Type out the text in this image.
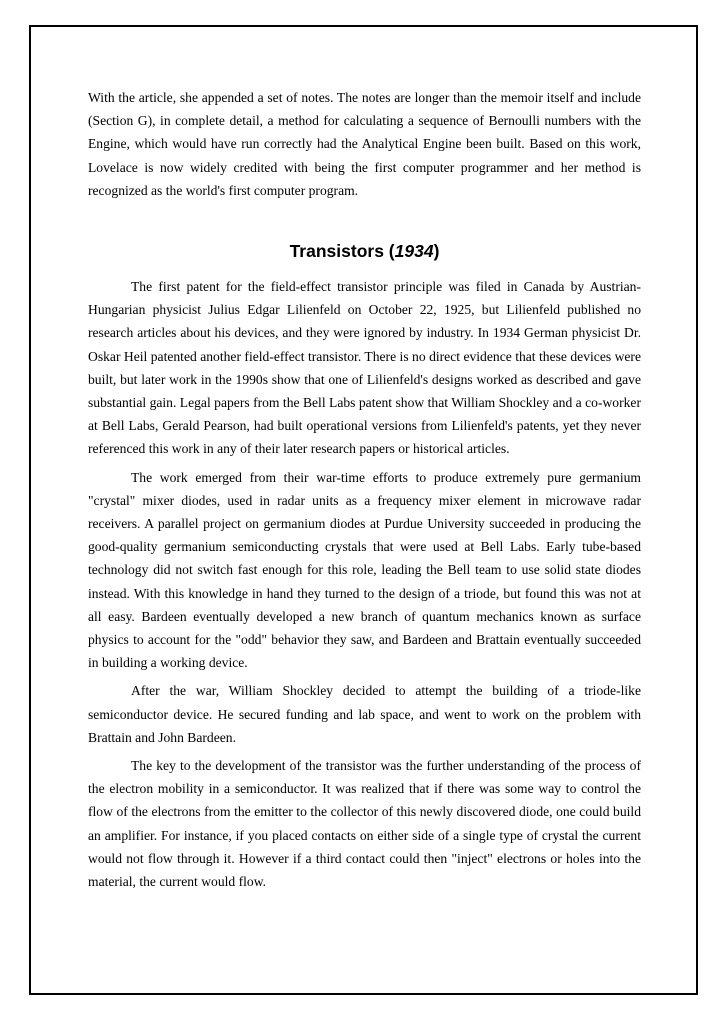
With the article, she appended a set of notes. The notes are longer than the memoir itself and include (Section G), in complete detail, a method for calculating a sequence of Bernoulli numbers with the Engine, which would have run correctly had the Analytical Engine been built. Based on this work, Lovelace is now widely credited with being the first computer programmer and her method is recognized as the world's first computer program.

Transistors (1934)

The first patent for the field-effect transistor principle was filed in Canada by Austrian-Hungarian physicist Julius Edgar Lilienfeld on October 22, 1925, but Lilienfeld published no research articles about his devices, and they were ignored by industry. In 1934 German physicist Dr. Oskar Heil patented another field-effect transistor. There is no direct evidence that these devices were built, but later work in the 1990s show that one of Lilienfeld's designs worked as described and gave substantial gain. Legal papers from the Bell Labs patent show that William Shockley and a co-worker at Bell Labs, Gerald Pearson, had built operational versions from Lilienfeld's patents, yet they never referenced this work in any of their later research papers or historical articles.

The work emerged from their war-time efforts to produce extremely pure germanium "crystal" mixer diodes, used in radar units as a frequency mixer element in microwave radar receivers. A parallel project on germanium diodes at Purdue University succeeded in producing the good-quality germanium semiconducting crystals that were used at Bell Labs. Early tube-based technology did not switch fast enough for this role, leading the Bell team to use solid state diodes instead. With this knowledge in hand they turned to the design of a triode, but found this was not at all easy. Bardeen eventually developed a new branch of quantum mechanics known as surface physics to account for the "odd" behavior they saw, and Bardeen and Brattain eventually succeeded in building a working device.

After the war, William Shockley decided to attempt the building of a triode-like semiconductor device. He secured funding and lab space, and went to work on the problem with Brattain and John Bardeen.

The key to the development of the transistor was the further understanding of the process of the electron mobility in a semiconductor. It was realized that if there was some way to control the flow of the electrons from the emitter to the collector of this newly discovered diode, one could build an amplifier. For instance, if you placed contacts on either side of a single type of crystal the current would not flow through it. However if a third contact could then "inject" electrons or holes into the material, the current would flow.
